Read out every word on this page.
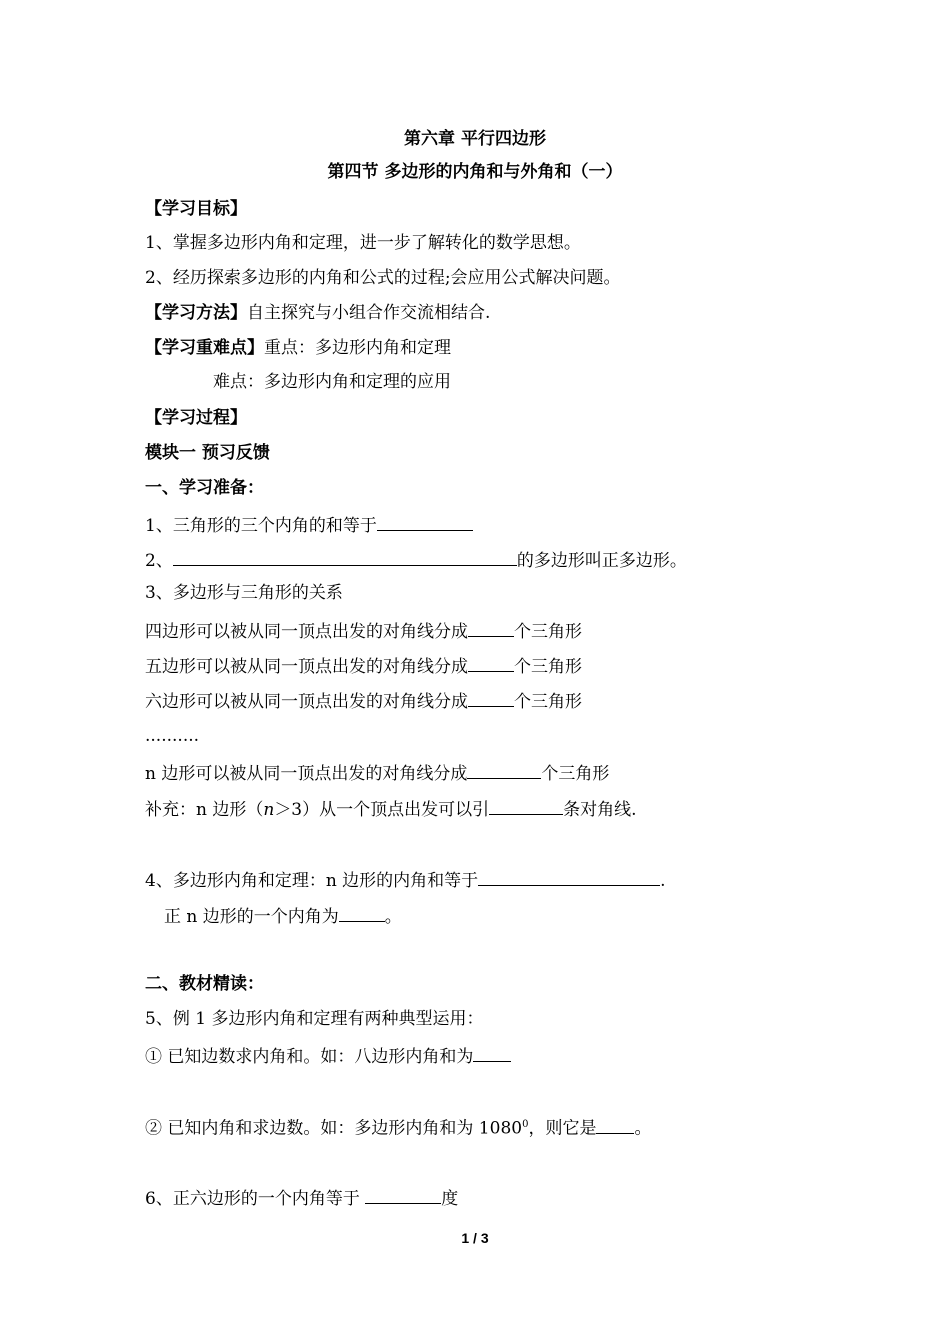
第六章 平行四边形
第四节 多边形的内角和与外角和（一）
【学习目标】
1、掌握多边形内角和定理，进一步了解转化的数学思想。
2、经历探索多边形的内角和公式的过程;会应用公式解决问题。
【学习方法】自主探究与小组合作交流相结合.
【学习重难点】重点：多边形内角和定理
难点：多边形内角和定理的应用
【学习过程】
模块一 预习反馈
一、学习准备：
1、三角形的三个内角的和等于
2、	的多边形叫正多边形。
3、多边形与三角形的关系
四边形可以被从同一顶点出发的对角线分成	个三角形
五边形可以被从同一顶点出发的对角线分成	个三角形
六边形可以被从同一顶点出发的对角线分成	个三角形
..........
n 边形可以被从同一顶点出发的对角线分成	个三角形
补充：n 边形（n＞3）从一个顶点出发可以引	条对角线.
4、多边形内角和定理：n 边形的内角和等于	.
正 n 边形的一个内角为	。
二、教材精读：
5、例 1 多边形内角和定理有两种典型运用：
① 已知边数求内角和。如：八边形内角和为
② 已知内角和求边数。如：多边形内角和为 1080$^0$，则它是 。
6、正六边形的一个内角等于	度
1 / 3
